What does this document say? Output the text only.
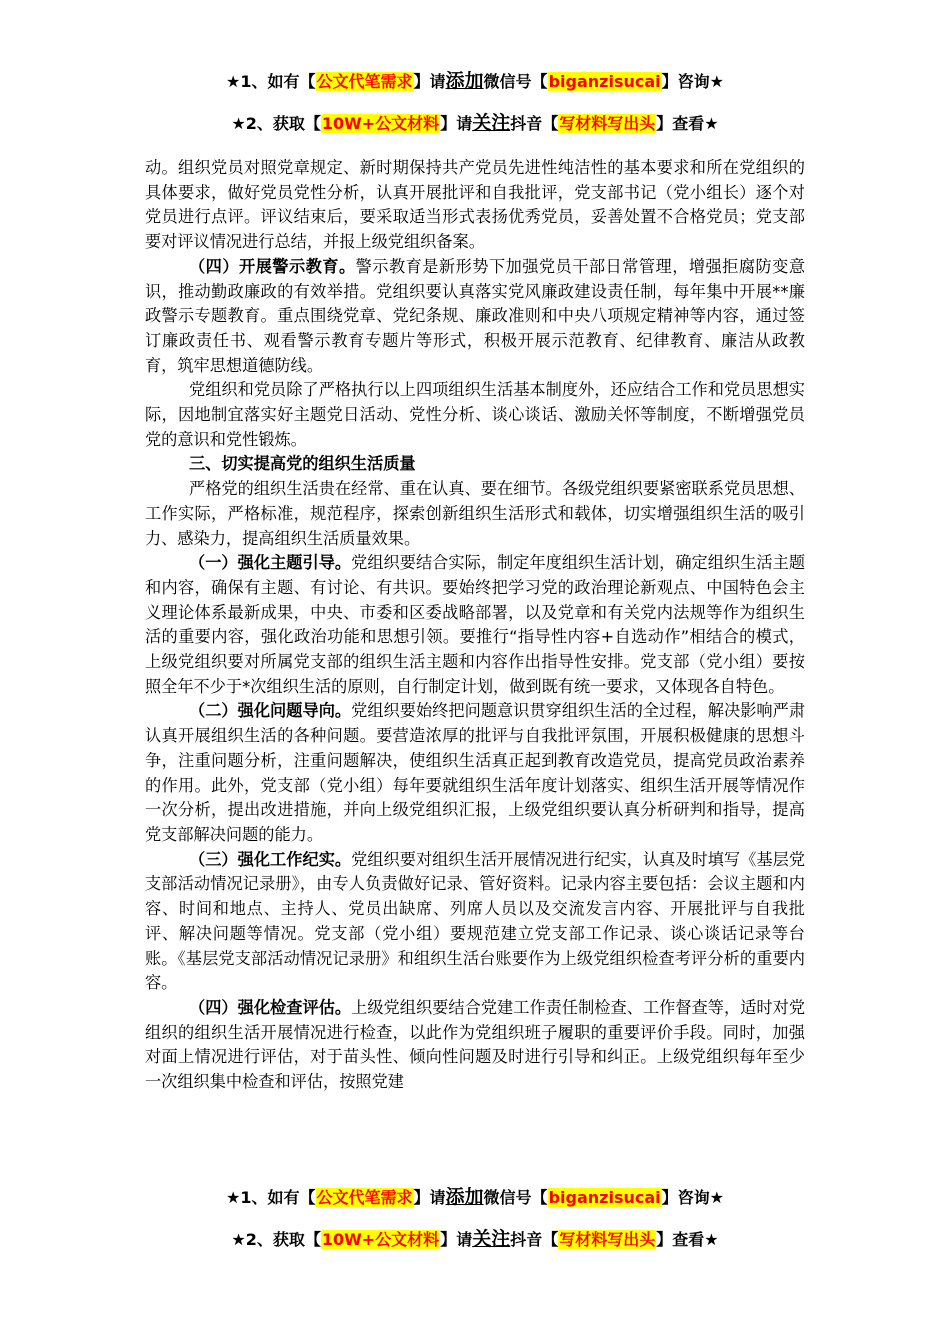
★1、如有【公文代笔需求】请添加微信号【biganzisucai】咨询★
★2、获取【10W+公文材料】请关注抖音【写材料写出头】查看★

动。组织党员对照党章规定、新时期保持共产党员先进性纯洁性的基本要求和所在党组织的具体要求，做好党员党性分析，认真开展批评和自我批评，党支部书记（党小组长）逐个对党员进行点评。评议结束后，要采取适当形式表扬优秀党员，妥善处置不合格党员；党支部要对评议情况进行总结，并报上级党组织备案。

（四）开展警示教育。警示教育是新形势下加强党员干部日常管理，增强拒腐防变意识，推动勤政廉政的有效举措。党组织要认真落实党风廉政建设责任制，每年集中开展**廉政警示专题教育。重点围绕党章、党纪条规、廉政准则和中央八项规定精神等内容，通过签订廉政责任书、观看警示教育专题片等形式，积极开展示范教育、纪律教育、廉洁从政教育，筑牢思想道德防线。

党组织和党员除了严格执行以上四项组织生活基本制度外，还应结合工作和党员思想实际，因地制宜落实好主题党日活动、党性分析、谈心谈话、激励关怀等制度，不断增强党员党的意识和党性锻炼。

三、切实提高党的组织生活质量

严格党的组织生活贵在经常、重在认真、要在细节。各级党组织要紧密联系党员思想、工作实际，严格标准，规范程序，探索创新组织生活形式和载体，切实增强组织生活的吸引力、感染力，提高组织生活质量效果。

（一）强化主题引导。党组织要结合实际，制定年度组织生活计划，确定组织生活主题和内容，确保有主题、有讨论、有共识。要始终把学习党的政治理论新观点、中国特色会主义理论体系最新成果，中央、市委和区委战略部署，以及党章和有关党内法规等作为组织生活的重要内容，强化政治功能和思想引领。要推行“指导性内容+自选动作”相结合的模式，上级党组织要对所属党支部的组织生活主题和内容作出指导性安排。党支部（党小组）要按照全年不少于*次组织生活的原则，自行制定计划，做到既有统一要求，又体现各自特色。

（二）强化问题导向。党组织要始终把问题意识贯穿组织生活的全过程，解决影响严肃认真开展组织生活的各种问题。要营造浓厚的批评与自我批评氛围，开展积极健康的思想斗争，注重问题分析，注重问题解决，使组织生活真正起到教育改造党员，提高党员政治素养的作用。此外，党支部（党小组）每年要就组织生活年度计划落实、组织生活开展等情况作一次分析，提出改进措施，并向上级党组织汇报，上级党组织要认真分析研判和指导，提高党支部解决问题的能力。

（三）强化工作纪实。党组织要对组织生活开展情况进行纪实，认真及时填写《基层党支部活动情况记录册》，由专人负责做好记录、管好资料。记录内容主要包括：会议主题和内容、时间和地点、主持人、党员出缺席、列席人员以及交流发言内容、开展批评与自我批评、解决问题等情况。党支部（党小组）要规范建立党支部工作记录、谈心谈话记录等台账。《基层党支部活动情况记录册》和组织生活台账要作为上级党组织检查考评分析的重要内容。

（四）强化检查评估。上级党组织要结合党建工作责任制检查、工作督查等，适时对党组织的组织生活开展情况进行检查，以此作为党组织班子履职的重要评价手段。同时，加强对面上情况进行评估，对于苗头性、倾向性问题及时进行引导和纠正。上级党组织每年至少一次组织集中检查和评估，按照党建

★1、如有【公文代笔需求】请添加微信号【biganzisucai】咨询★
★2、获取【10W+公文材料】请关注抖音【写材料写出头】查看★
